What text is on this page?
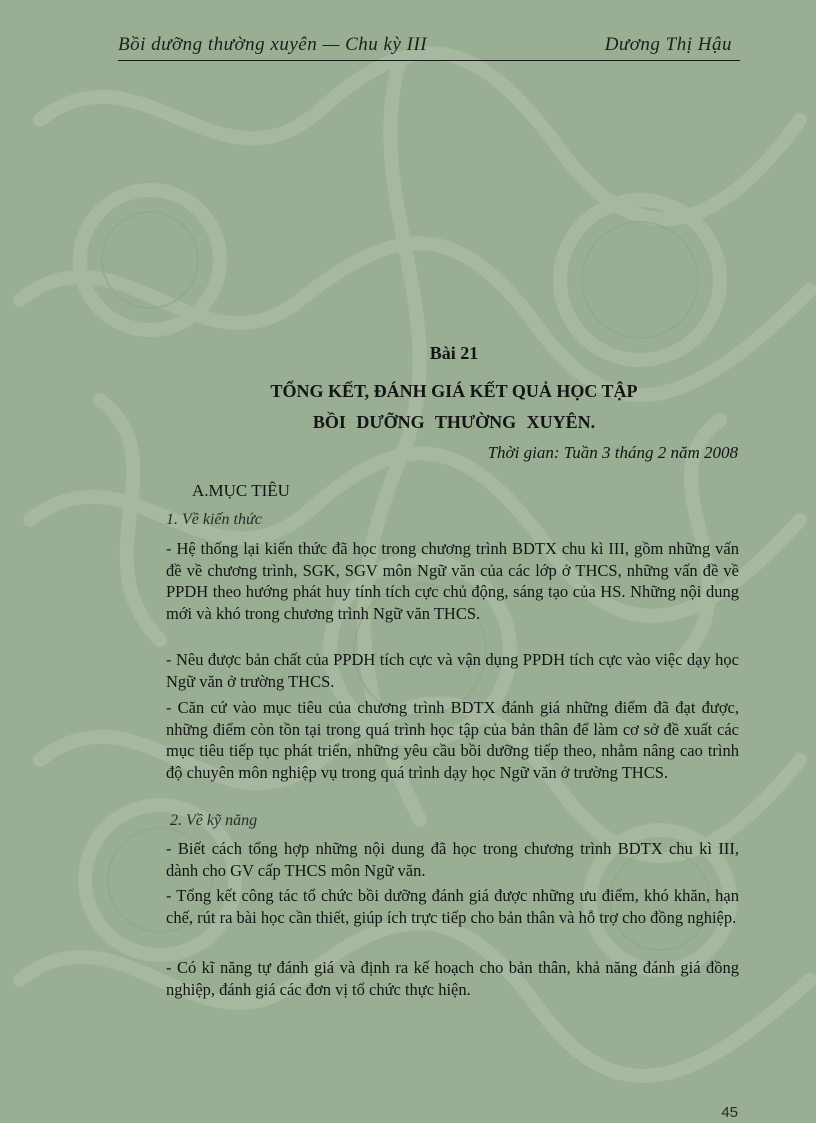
Bồi dưỡng thường xuyên — Chu kỳ III	Dương Thị Hậu
Bài 21
TỔNG KẾT, ĐÁNH GIÁ KẾT QUẢ HỌC TẬP
BỒI DƯỠNG THƯỜNG XUYÊN.
Thời gian: Tuần 3 tháng 2 năm 2008
A.MỤC TIÊU
1. Về kiến thức

- Hệ thống lại kiến thức đã học trong chương trình BDTX chu kì III, gồm những vấn đề về chương trình, SGK, SGV môn Ngữ văn của các lớp ở THCS, những vấn đề về PPDH theo hướng phát huy tính tích cực chủ động, sáng tạo của HS. Những nội dung mới và khó trong chương trình Ngữ văn THCS.

- Nêu được bản chất của PPDH tích cực và vận dụng PPDH tích cực vào việc dạy học Ngữ văn ở trường THCS.

- Căn cứ vào mục tiêu của chương trình BDTX đánh giá những điểm đã đạt được, những điểm còn tồn tại trong quá trình học tập của bản thân để làm cơ sở đề xuất các mục tiêu tiếp tục phát triển, những yêu cầu bồi dưỡng tiếp theo, nhằm nâng cao trình độ chuyên môn nghiệp vụ trong quá trình dạy học Ngữ văn ở trường THCS.

2. Về kỹ năng

- Biết cách tổng hợp những nội dung đã học trong chương trình BDTX chu kì III, dành cho GV cấp THCS môn Ngữ văn.

- Tổng kết công tác tổ chức bồi dưỡng đánh giá được những ưu điểm, khó khăn, hạn chế, rút ra bài học cần thiết, giúp ích trực tiếp cho bản thân và hỗ trợ cho đồng nghiệp.

- Có kĩ năng tự đánh giá và định ra kế hoạch cho bản thân, khả năng đánh giá đồng nghiệp, đánh giá các đơn vị tổ chức thực hiện.

45
